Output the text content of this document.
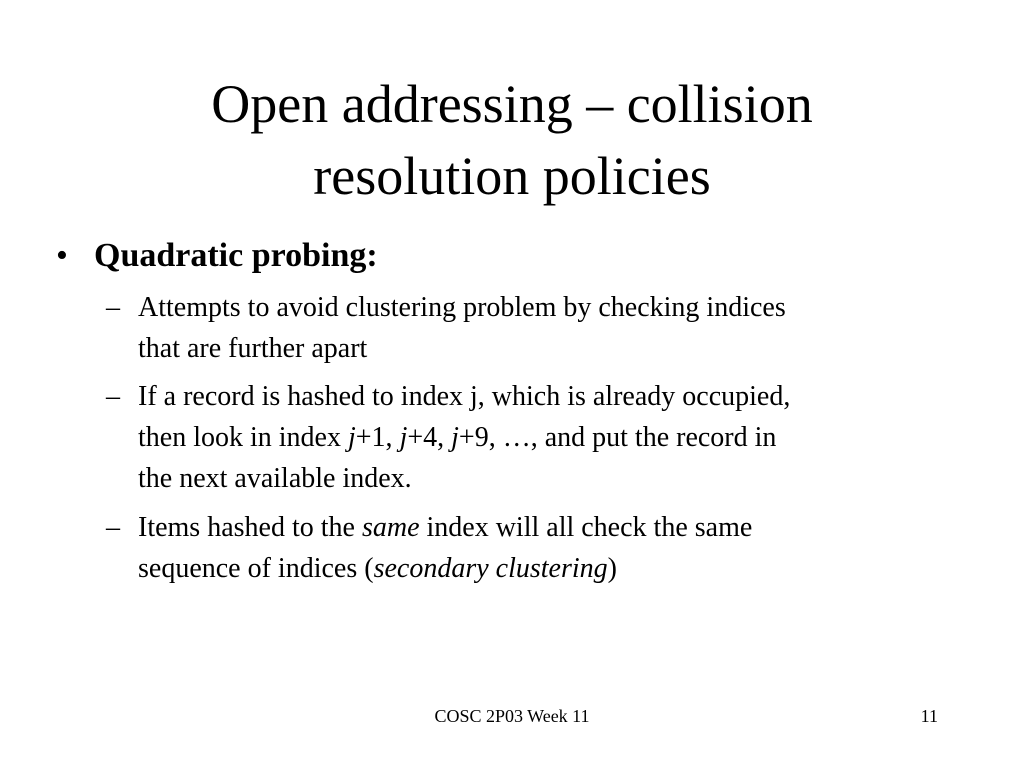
Open addressing – collision
resolution policies
• Quadratic probing:
– Attempts to avoid clustering problem by checking indices
that are further apart
– If a record is hashed to index j, which is already occupied,
then look in index j+1, j+4, j+9, …, and put the record in
the next available index.
– Items hashed to the same index will all check the same
sequence of indices (secondary clustering)
COSC 2P03 Week 11	11
